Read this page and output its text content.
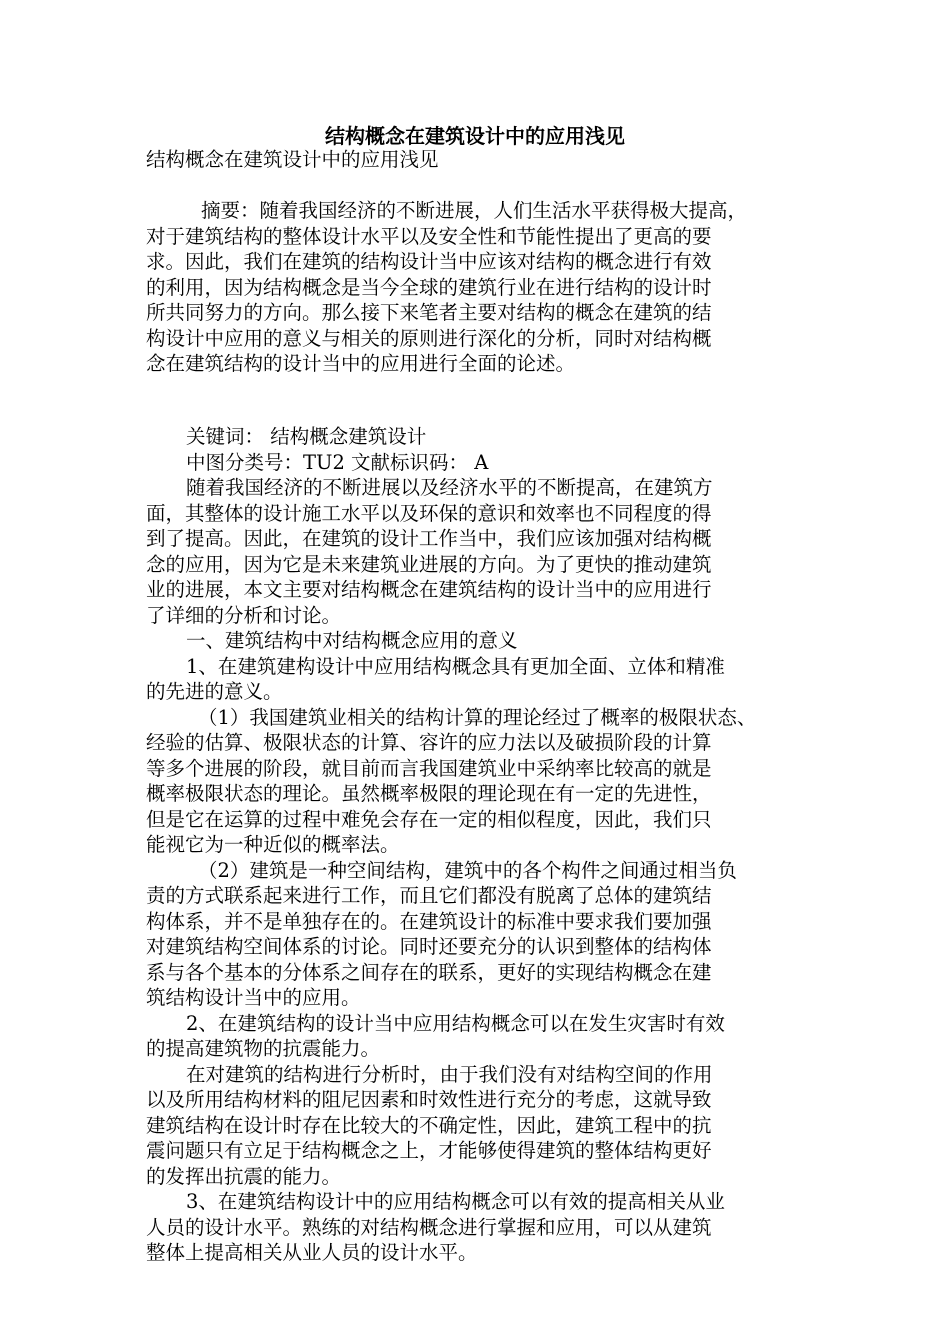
结构概念在建筑设计中的应用浅见

结构概念在建筑设计中的应用浅见

摘要：随着我国经济的不断进展，人们生活水平获得极大提高，
对于建筑结构的整体设计水平以及安全性和节能性提出了更高的要
求。因此，我们在建筑的结构设计当中应该对结构的概念进行有效
的利用，因为结构概念是当今全球的建筑行业在进行结构的设计时
所共同努力的方向。那么接下来笔者主要对结构的概念在建筑的结
构设计中应用的意义与相关的原则进行深化的分析，同时对结构概
念在建筑结构的设计当中的应用进行全面的论述。

关键词： 结构概念建筑设计

中图分类号：TU2 文献标识码： A

随着我国经济的不断进展以及经济水平的不断提高，在建筑方
面，其整体的设计施工水平以及环保的意识和效率也不同程度的得
到了提高。因此，在建筑的设计工作当中，我们应该加强对结构概
念的应用，因为它是未来建筑业进展的方向。为了更快的推动建筑
业的进展，本文主要对结构概念在建筑结构的设计当中的应用进行
了详细的分析和讨论。

一、建筑结构中对结构概念应用的意义

1、在建筑建构设计中应用结构概念具有更加全面、立体和精准
的先进的意义。

（1）我国建筑业相关的结构计算的理论经过了概率的极限状态、
经验的估算、极限状态的计算、容许的应力法以及破损阶段的计算
等多个进展的阶段，就目前而言我国建筑业中采纳率比较高的就是
概率极限状态的理论。虽然概率极限的理论现在有一定的先进性，
但是它在运算的过程中难免会存在一定的相似程度，因此，我们只
能视它为一种近似的概率法。

（2）建筑是一种空间结构，建筑中的各个构件之间通过相当负
责的方式联系起来进行工作，而且它们都没有脱离了总体的建筑结
构体系，并不是单独存在的。在建筑设计的标准中要求我们要加强
对建筑结构空间体系的讨论。同时还要充分的认识到整体的结构体
系与各个基本的分体系之间存在的联系，更好的实现结构概念在建
筑结构设计当中的应用。

2、在建筑结构的设计当中应用结构概念可以在发生灾害时有效
的提高建筑物的抗震能力。

在对建筑的结构进行分析时，由于我们没有对结构空间的作用
以及所用结构材料的阻尼因素和时效性进行充分的考虑，这就导致
建筑结构在设计时存在比较大的不确定性，因此，建筑工程中的抗
震问题只有立足于结构概念之上，才能够使得建筑的整体结构更好
的发挥出抗震的能力。

3、在建筑结构设计中的应用结构概念可以有效的提高相关从业
人员的设计水平。熟练的对结构概念进行掌握和应用，可以从建筑
整体上提高相关从业人员的设计水平。
